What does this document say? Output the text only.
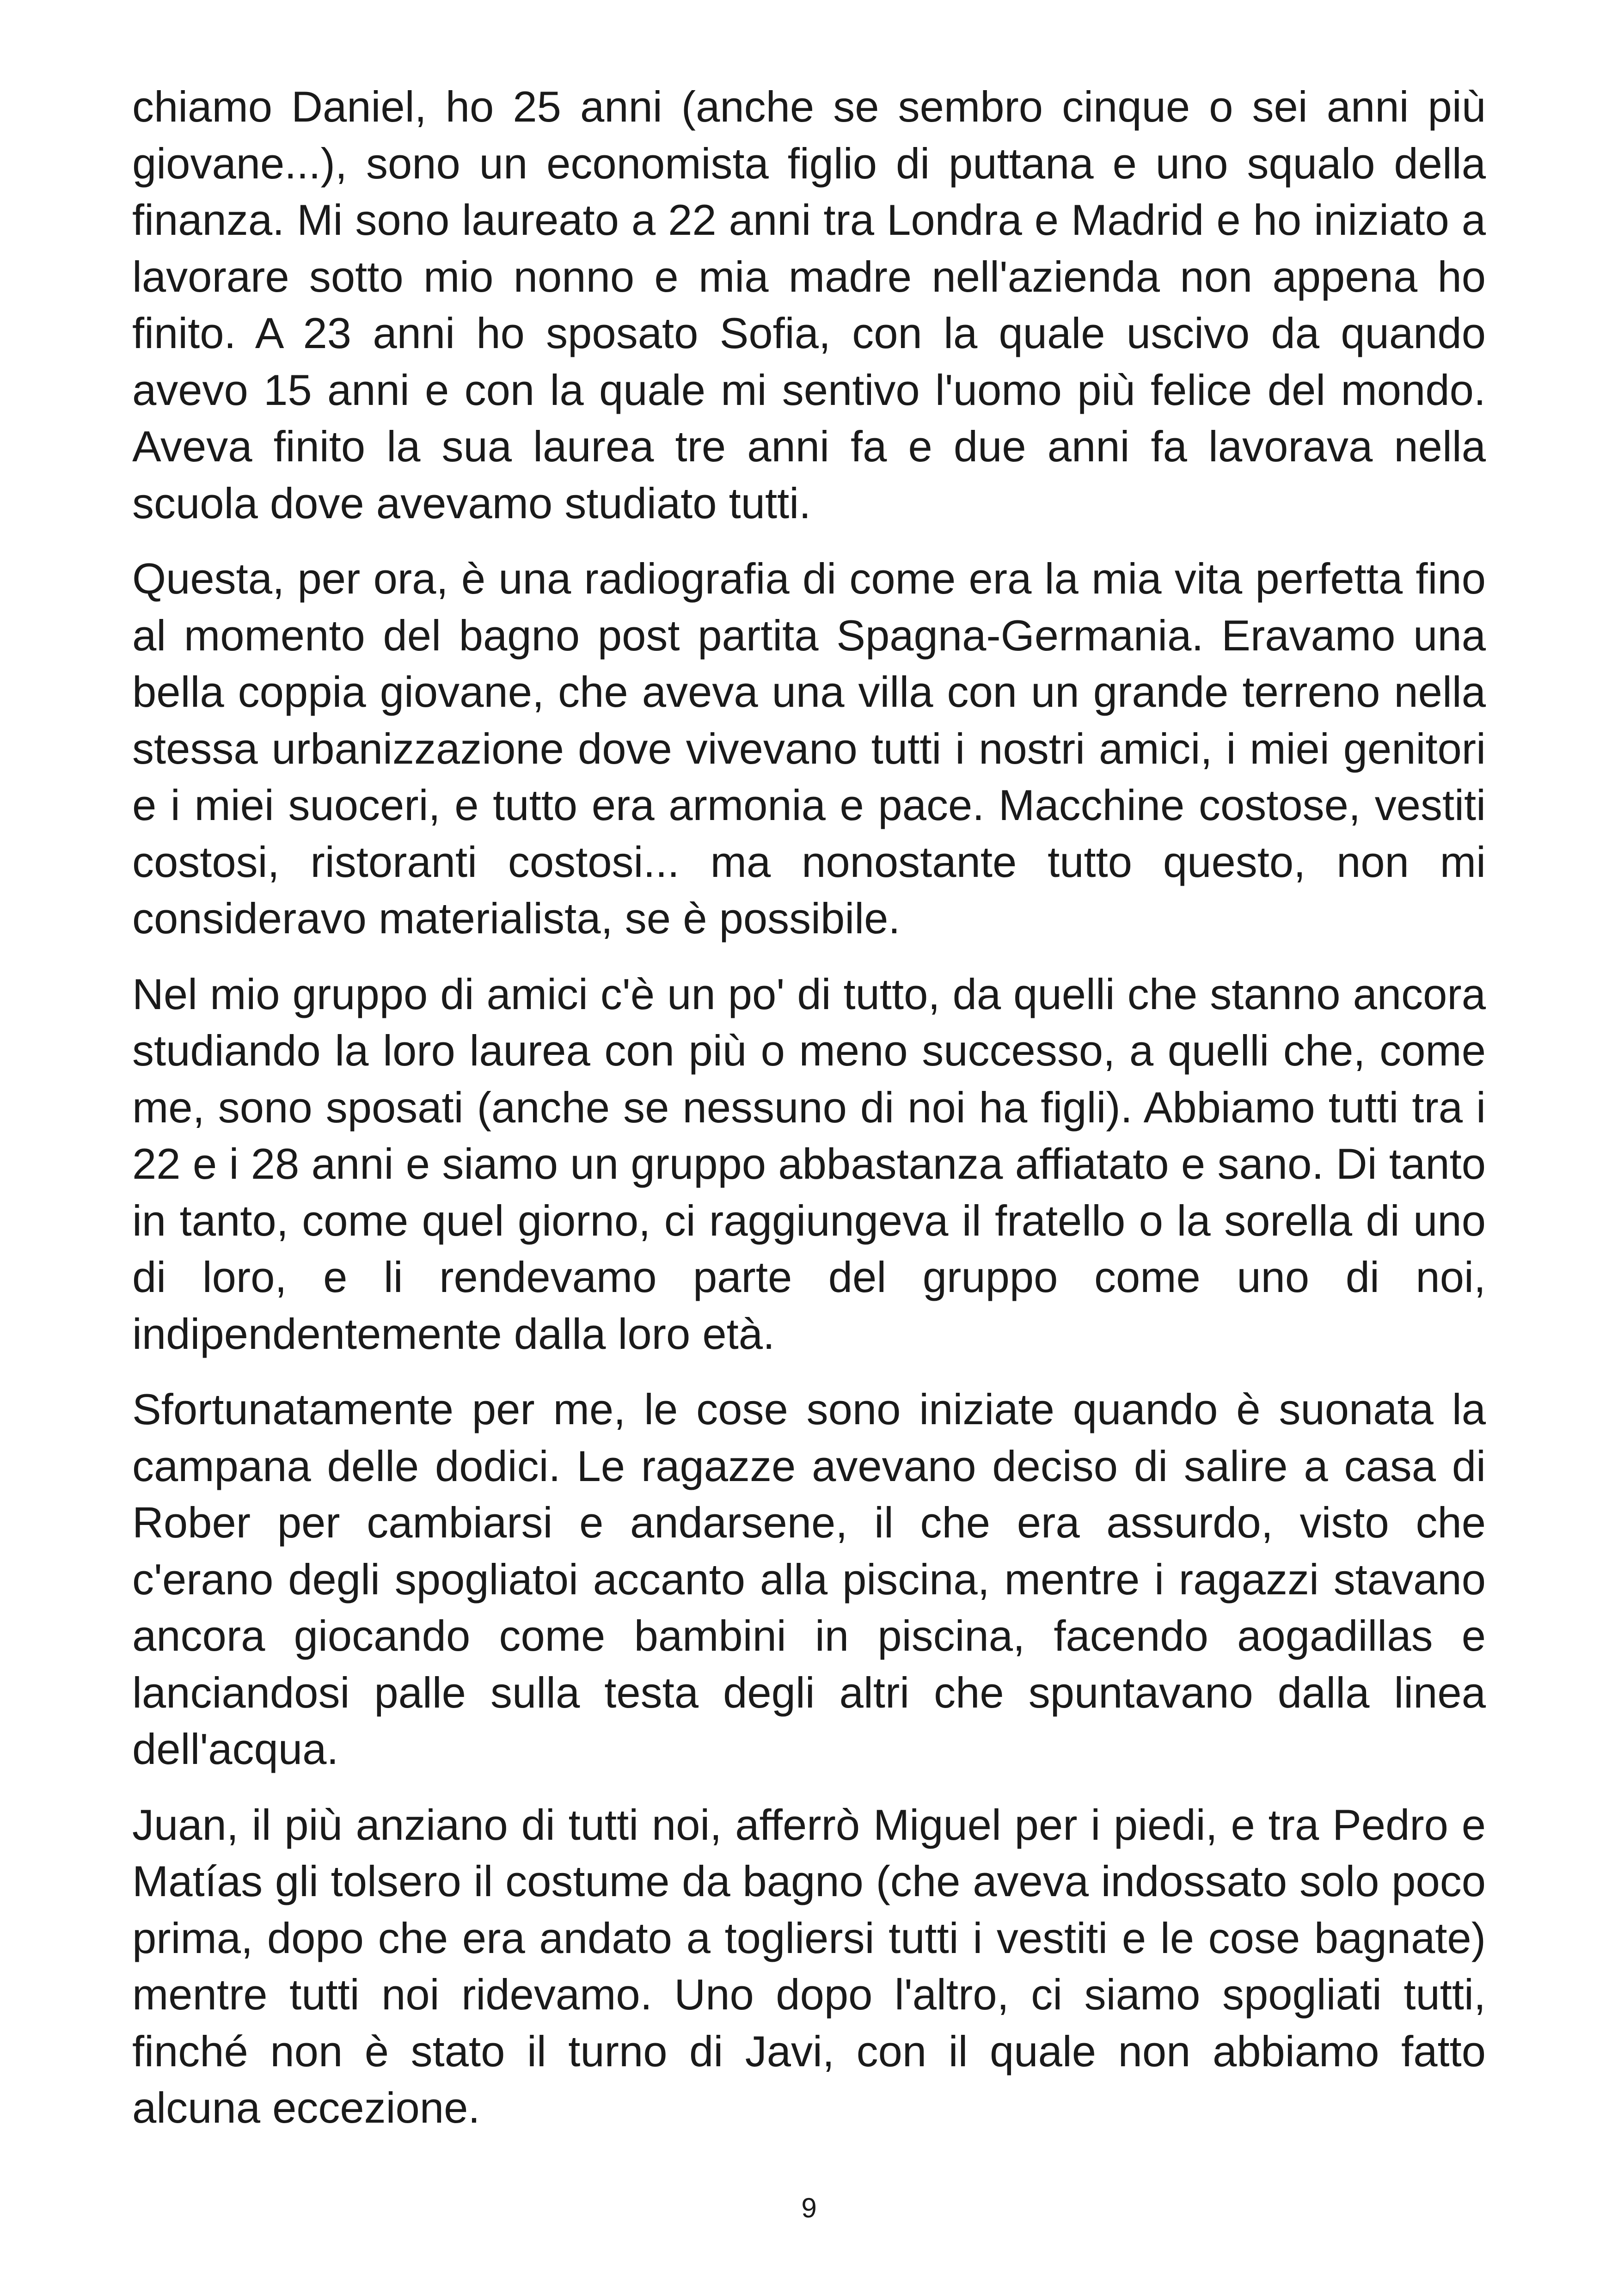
chiamo Daniel, ho 25 anni (anche se sembro cinque o sei anni più giovane...), sono un economista figlio di puttana e uno squalo della finanza. Mi sono laureato a 22 anni tra Londra e Madrid e ho iniziato a lavorare sotto mio nonno e mia madre nell'azienda non appena ho finito. A 23 anni ho sposato Sofia, con la quale uscivo da quando avevo 15 anni e con la quale mi sentivo l'uomo più felice del mondo. Aveva finito la sua laurea tre anni fa e due anni fa lavorava nella scuola dove avevamo studiato tutti.

Questa, per ora, è una radiografia di come era la mia vita perfetta fino al momento del bagno post partita Spagna-Germania. Eravamo una bella coppia giovane, che aveva una villa con un grande terreno nella stessa urbanizzazione dove vivevano tutti i nostri amici, i miei genitori e i miei suoceri, e tutto era armonia e pace. Macchine costose, vestiti costosi, ristoranti costosi... ma nonostante tutto questo, non mi consideravo materialista, se è possibile.

Nel mio gruppo di amici c'è un po' di tutto, da quelli che stanno ancora studiando la loro laurea con più o meno successo, a quelli che, come me, sono sposati (anche se nessuno di noi ha figli). Abbiamo tutti tra i 22 e i 28 anni e siamo un gruppo abbastanza affiatato e sano. Di tanto in tanto, come quel giorno, ci raggiungeva il fratello o la sorella di uno di loro, e li rendevamo parte del gruppo come uno di noi, indipendentemente dalla loro età.

Sfortunatamente per me, le cose sono iniziate quando è suonata la campana delle dodici. Le ragazze avevano deciso di salire a casa di Rober per cambiarsi e andarsene, il che era assurdo, visto che c'erano degli spogliatoi accanto alla piscina, mentre i ragazzi stavano ancora giocando come bambini in piscina, facendo aogadillas e lanciandosi palle sulla testa degli altri che spuntavano dalla linea dell'acqua.

Juan, il più anziano di tutti noi, afferrò Miguel per i piedi, e tra Pedro e Matías gli tolsero il costume da bagno (che aveva indossato solo poco prima, dopo che era andato a togliersi tutti i vestiti e le cose bagnate) mentre tutti noi ridevamo. Uno dopo l'altro, ci siamo spogliati tutti, finché non è stato il turno di Javi, con il quale non abbiamo fatto alcuna eccezione.

9
